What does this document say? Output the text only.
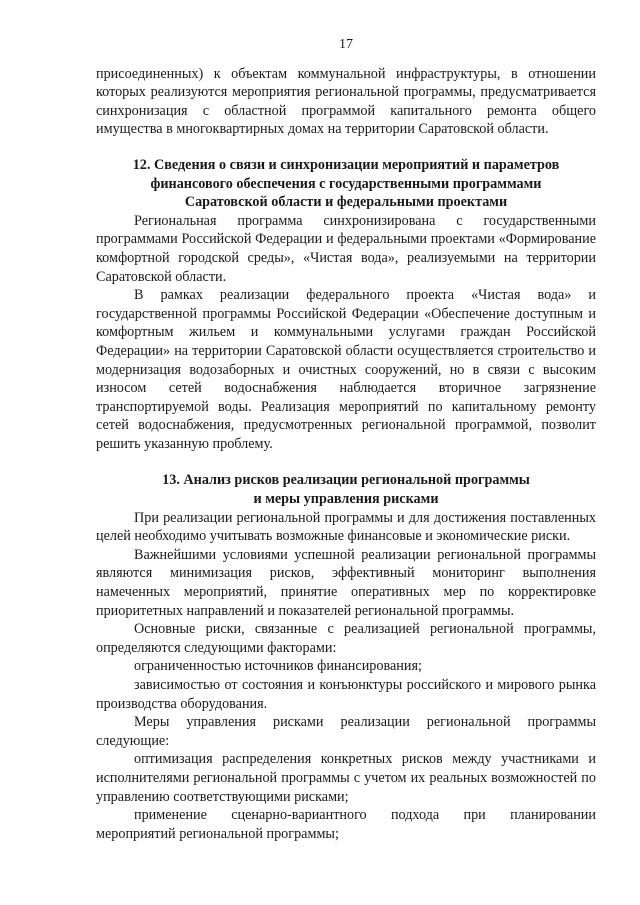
17

присоединенных) к объектам коммунальной инфраструктуры, в отношении которых реализуются мероприятия региональной программы, предусматривается синхронизация с областной программой капитального ремонта общего имущества в многоквартирных домах на территории Саратовской области.

12. Сведения о связи и синхронизации мероприятий и параметров
финансового обеспечения с государственными программами
Саратовской области и федеральными проектами

Региональная программа синхронизирована с государственными программами Российской Федерации и федеральными проектами «Формирование комфортной городской среды», «Чистая вода», реализуемыми на территории Саратовской области.

В рамках реализации федерального проекта «Чистая вода» и государственной программы Российской Федерации «Обеспечение доступным и комфортным жильем и коммунальными услугами граждан Российской Федерации» на территории Саратовской области осуществляется строительство и модернизация водозаборных и очистных сооружений, но в связи с высоким износом сетей водоснабжения наблюдается вторичное загрязнение транспортируемой воды. Реализация мероприятий по капитальному ремонту сетей водоснабжения, предусмотренных региональной программой, позволит решить указанную проблему.

13. Анализ рисков реализации региональной программы
и меры управления рисками

При реализации региональной программы и для достижения поставленных целей необходимо учитывать возможные финансовые и экономические риски.

Важнейшими условиями успешной реализации региональной программы являются минимизация рисков, эффективный мониторинг выполнения намеченных мероприятий, принятие оперативных мер по корректировке приоритетных направлений и показателей региональной программы.

Основные риски, связанные с реализацией региональной программы, определяются следующими факторами:

ограниченностью источников финансирования;

зависимостью от состояния и конъюнктуры российского и мирового рынка производства оборудования.

Меры управления рисками реализации региональной программы следующие:

оптимизация распределения конкретных рисков между участниками и исполнителями региональной программы с учетом их реальных возможностей по управлению соответствующими рисками;

применение сценарно-вариантного подхода при планировании мероприятий региональной программы;
